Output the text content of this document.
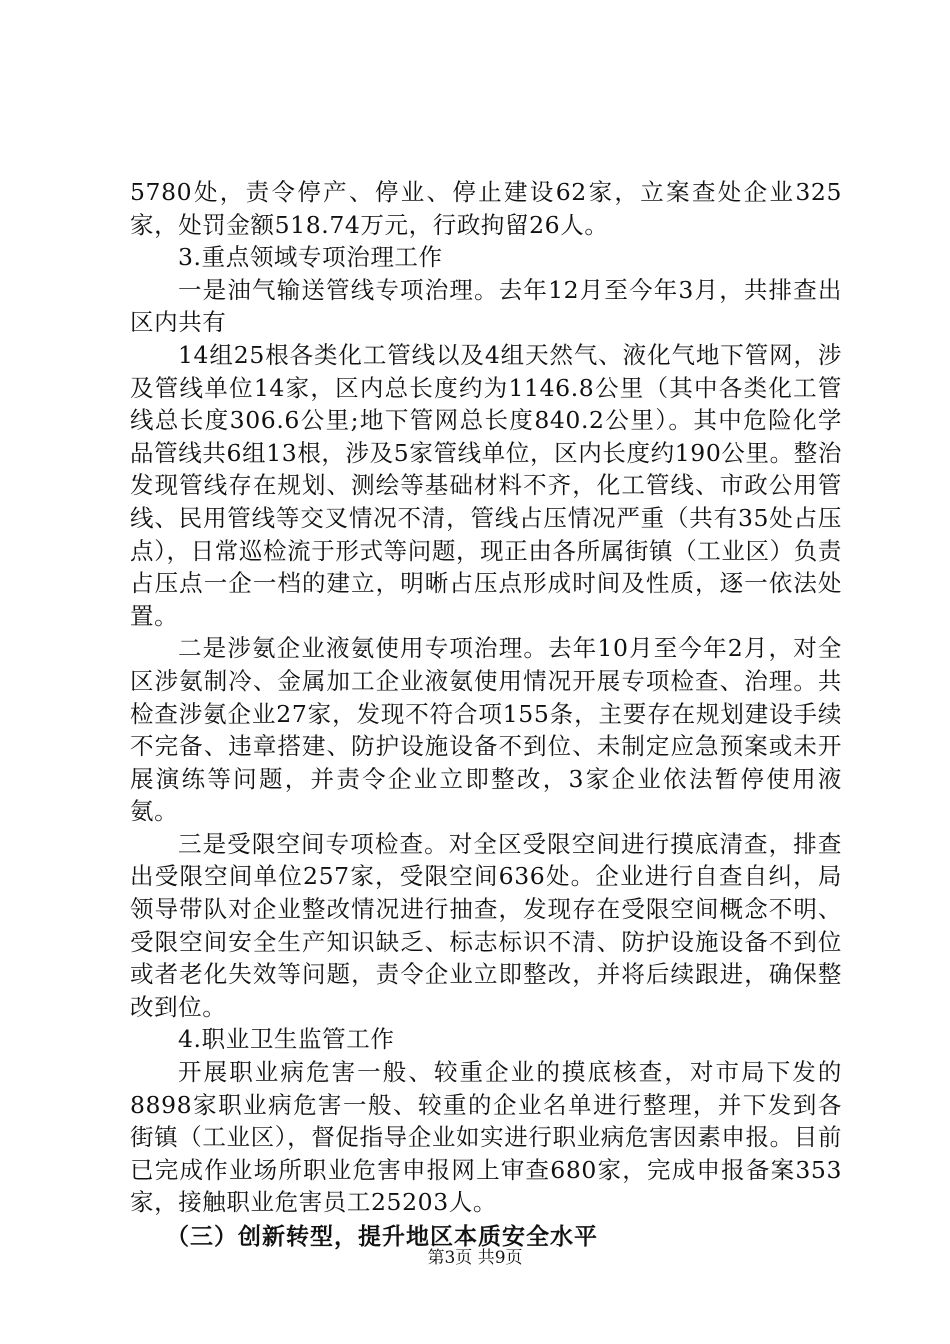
5780处，责令停产、停业、停止建设62家，立案查处企业325家，处罚金额518.74万元，行政拘留26人。

3.重点领域专项治理工作

一是油气输送管线专项治理。去年12月至今年3月，共排查出区内共有

14组25根各类化工管线以及4组天然气、液化气地下管网，涉及管线单位14家，区内总长度约为1146.8公里（其中各类化工管线总长度306.6公里;地下管网总长度840.2公里）。其中危险化学品管线共6组13根，涉及5家管线单位，区内长度约190公里。整治发现管线存在规划、测绘等基础材料不齐，化工管线、市政公用管线、民用管线等交叉情况不清，管线占压情况严重（共有35处占压点），日常巡检流于形式等问题，现正由各所属街镇（工业区）负责占压点一企一档的建立，明晰占压点形成时间及性质，逐一依法处置。

二是涉氨企业液氨使用专项治理。去年10月至今年2月，对全区涉氨制冷、金属加工企业液氨使用情况开展专项检查、治理。共检查涉氨企业27家，发现不符合项155条，主要存在规划建设手续不完备、违章搭建、防护设施设备不到位、未制定应急预案或未开展演练等问题，并责令企业立即整改，3家企业依法暂停使用液氨。

三是受限空间专项检查。对全区受限空间进行摸底清查，排查出受限空间单位257家，受限空间636处。企业进行自查自纠，局领导带队对企业整改情况进行抽查，发现存在受限空间概念不明、受限空间安全生产知识缺乏、标志标识不清、防护设施设备不到位或者老化失效等问题，责令企业立即整改，并将后续跟进，确保整改到位。

4.职业卫生监管工作

开展职业病危害一般、较重企业的摸底核查，对市局下发的8898家职业病危害一般、较重的企业名单进行整理，并下发到各街镇（工业区），督促指导企业如实进行职业病危害因素申报。目前已完成作业场所职业危害申报网上审查680家，完成申报备案353家，接触职业危害员工25203人。

（三）创新转型，提升地区本质安全水平

第3页 共9页
